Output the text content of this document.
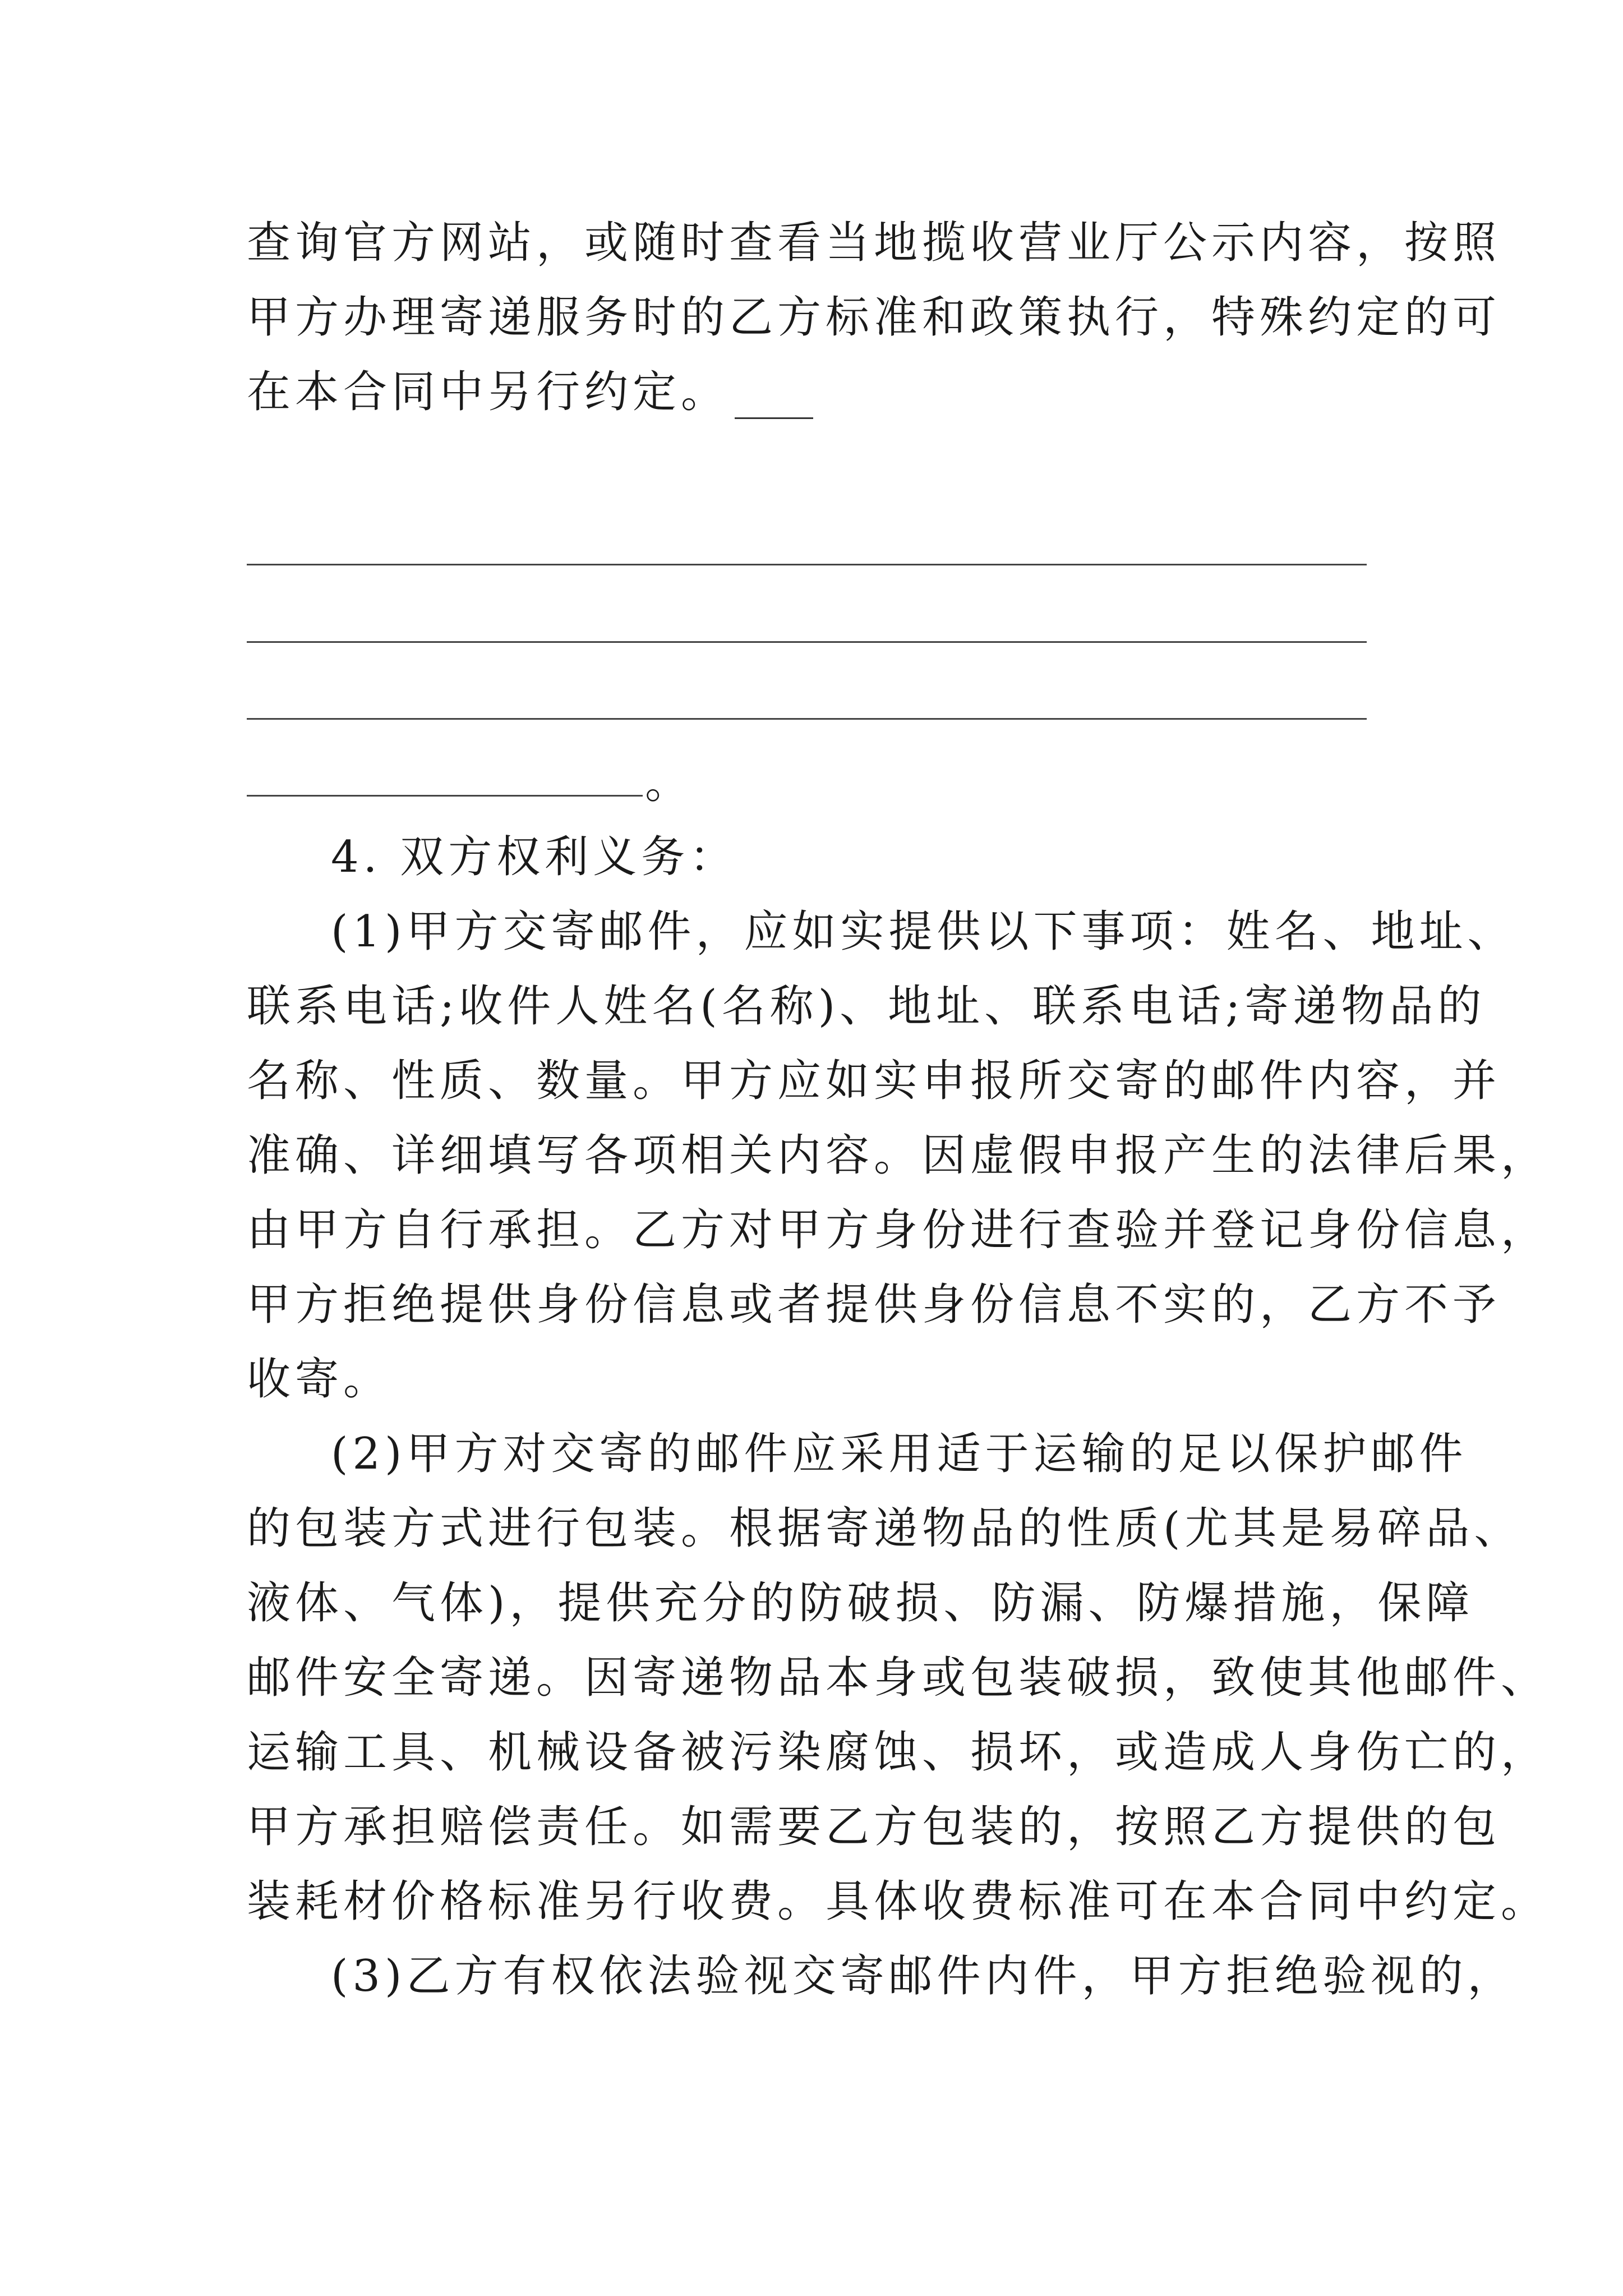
查询官方网站，或随时查看当地揽收营业厅公示内容，按照
甲方办理寄递服务时的乙方标准和政策执行，特殊约定的可
在本合同中另行约定。
。
4. 双方权利义务：
(1)甲方交寄邮件，应如实提供以下事项：姓名、地址、
联系电话;收件人姓名(名称)、地址、联系电话;寄递物品的
名称、性质、数量。甲方应如实申报所交寄的邮件内容，并
准确、详细填写各项相关内容。因虚假申报产生的法律后果，
由甲方自行承担。乙方对甲方身份进行查验并登记身份信息，
甲方拒绝提供身份信息或者提供身份信息不实的，乙方不予
收寄。
(2)甲方对交寄的邮件应采用适于运输的足以保护邮件
的包装方式进行包装。根据寄递物品的性质(尤其是易碎品、
液体、气体)，提供充分的防破损、防漏、防爆措施，保障
邮件安全寄递。因寄递物品本身或包装破损，致使其他邮件、
运输工具、机械设备被污染腐蚀、损坏，或造成人身伤亡的，
甲方承担赔偿责任。如需要乙方包装的，按照乙方提供的包
装耗材价格标准另行收费。具体收费标准可在本合同中约定。
(3)乙方有权依法验视交寄邮件内件，甲方拒绝验视的，
